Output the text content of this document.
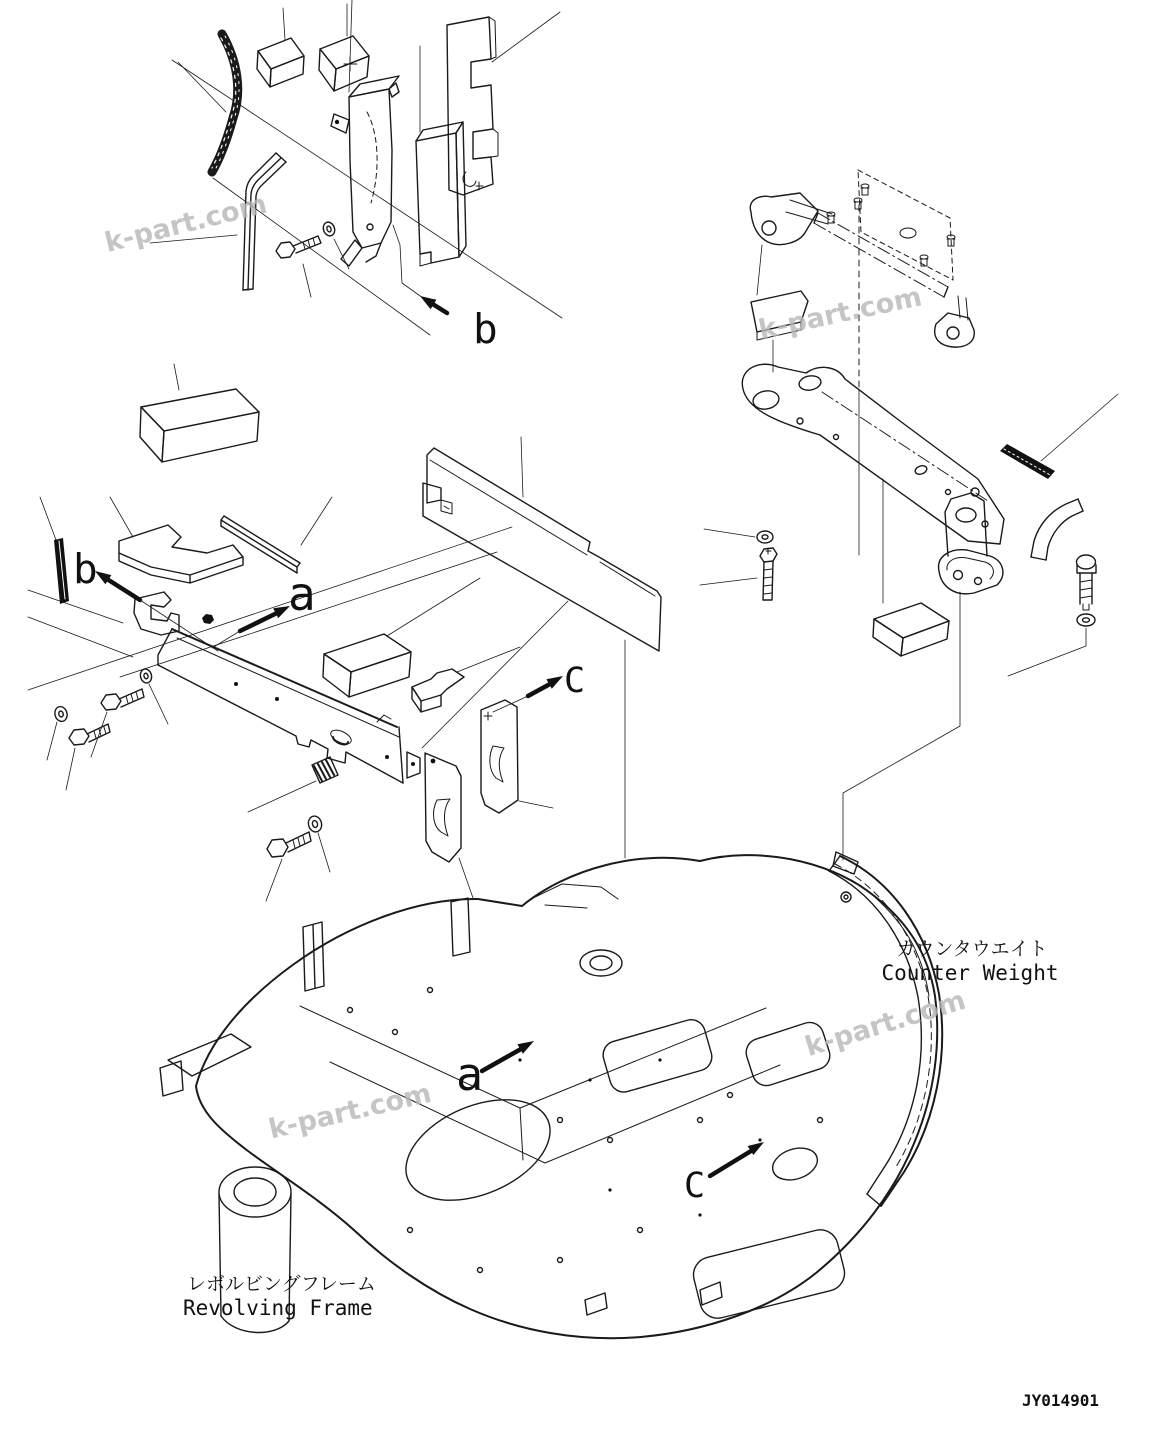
b
b	a
C
a
C
カウンタウエイト
Counter Weight
レボルビングフレーム
Revolving Frame
JY014901
k-part.com
k-part.com
k-part.com
k-part.com
